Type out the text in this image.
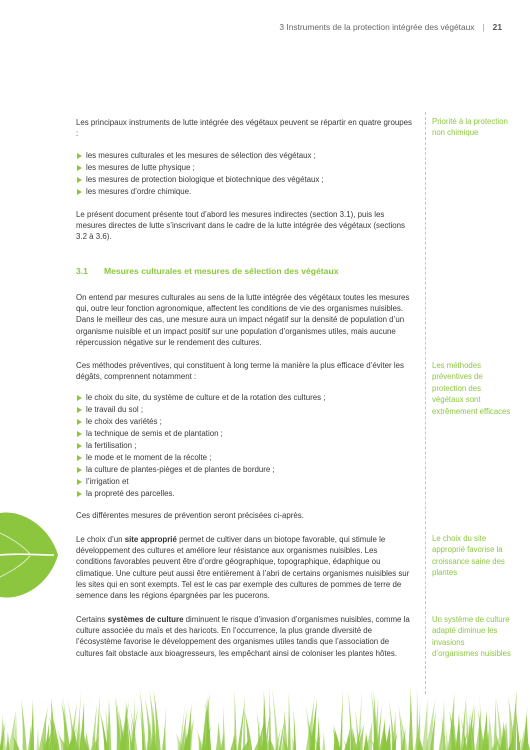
3 Instruments de la protection intégrée des végétaux | 21

Les principaux instruments de lutte intégrée des végétaux peuvent se répartir en quatre groupes :

les mesures culturales et les mesures de sélection des végétaux ;
les mesures de lutte physique ;
les mesures de protection biologique et biotechnique des végétaux ;
les mesures d’ordre chimique.

Le présent document présente tout d’abord les mesures indirectes (section 3.1), puis les mesures directes de lutte s’inscrivant dans le cadre de la lutte intégrée des végétaux (sections 3.2 à 3.6).

3.1 Mesures culturales et mesures de sélection des végétaux

On entend par mesures culturales au sens de la lutte intégrée des végétaux toutes les mesures qui, outre leur fonction agronomique, affectent les conditions de vie des organismes nuisibles. Dans le meilleur des cas, une mesure aura un impact négatif sur la densité de population d’un organisme nuisible et un impact positif sur une population d’organismes utiles, mais aucune répercussion négative sur le rendement des cultures.

Ces méthodes préventives, qui constituent à long terme la manière la plus efficace d’éviter les dégâts, comprennent notamment :

le choix du site, du système de culture et de la rotation des cultures ;
le travail du sol ;
le choix des variétés ;
la technique de semis et de plantation ;
la fertilisation ;
le mode et le moment de la récolte ;
la culture de plantes-pièges et de plantes de bordure ;
l’irrigation et
la propreté des parcelles.

Ces différentes mesures de prévention seront précisées ci-après.

Le choix d’un site approprié permet de cultiver dans un biotope favorable, qui stimule le développement des cultures et améliore leur résistance aux organismes nuisibles. Les conditions favorables peuvent être d’ordre géographique, topographique, édaphique ou climatique. Une culture peut aussi être entièrement à l’abri de certains organismes nuisibles sur les sites qui en sont exempts. Tel est le cas par exemple des cultures de pommes de terre de semence dans les régions épargnées par les pucerons.

Certains systèmes de culture diminuent le risque d’invasion d’organismes nuisibles, comme la culture associée du maïs et des haricots. En l’occurrence, la plus grande diversité de l’écosystème favorise le développement des organismes utiles tandis que l’association de cultures fait obstacle aux bioagresseurs, les empêchant ainsi de coloniser les plantes hôtes.

Priorité à la protection non chimique
Les méthodes préventives de protection des végétaux sont extrêmement efficaces
Le choix du site approprié favorise la croissance saine des plantes
Un système de culture adapté diminue les invasions d’organismes nuisibles
